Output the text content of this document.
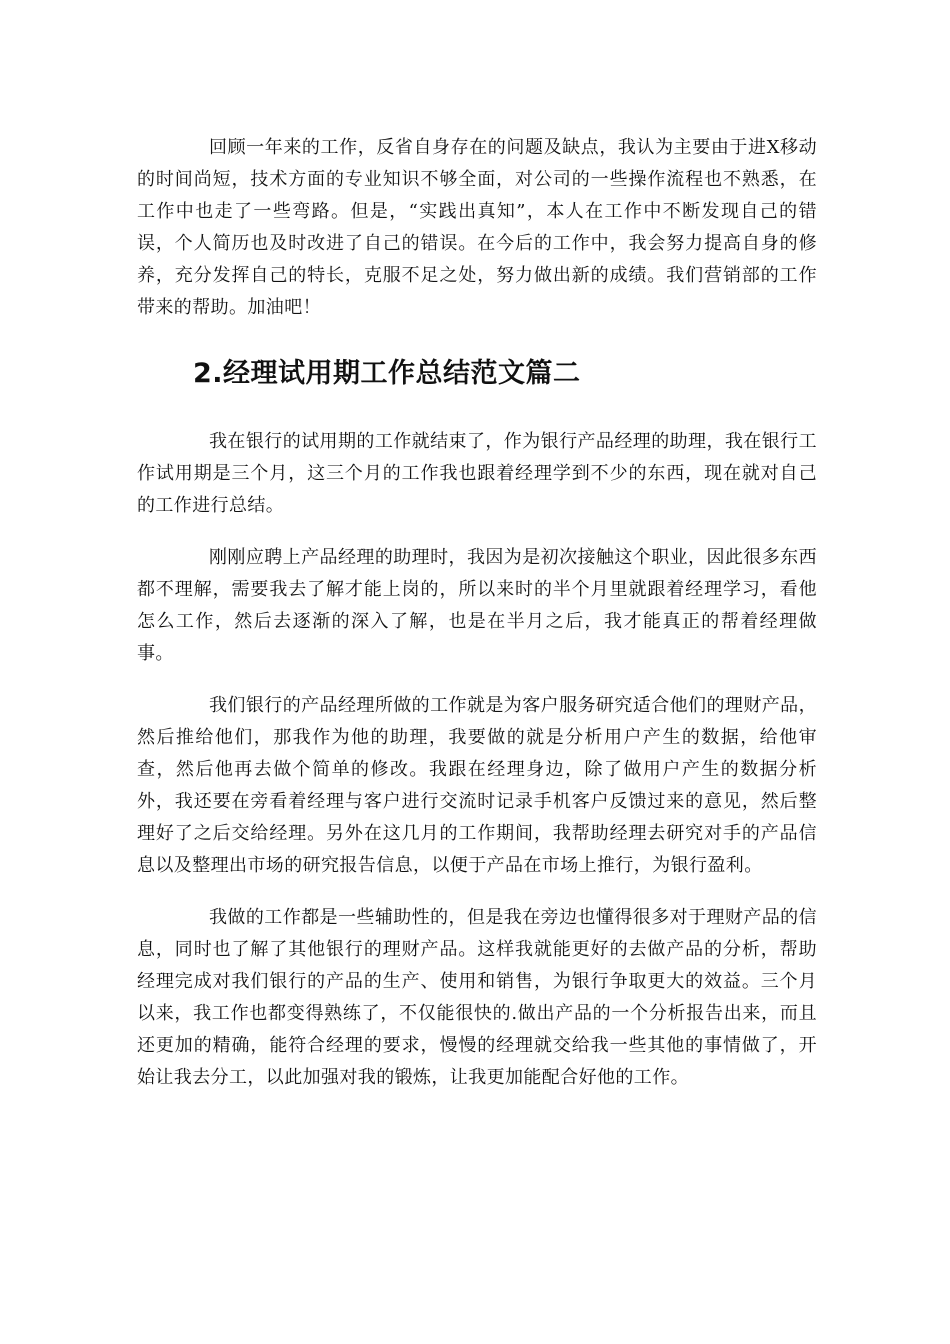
回顾一年来的工作，反省自身存在的问题及缺点，我认为主要由于进X移动的时间尚短，技术方面的专业知识不够全面，对公司的一些操作流程也不熟悉，在工作中也走了一些弯路。但是，“实践出真知”，本人在工作中不断发现自己的错误，个人简历也及时改进了自己的错误。在今后的工作中，我会努力提高自身的修养，充分发挥自己的特长，克服不足之处，努力做出新的成绩。我们营销部的工作带来的帮助。加油吧！

2.经理试用期工作总结范文篇二

我在银行的试用期的工作就结束了，作为银行产品经理的助理，我在银行工作试用期是三个月，这三个月的工作我也跟着经理学到不少的东西，现在就对自己的工作进行总结。

刚刚应聘上产品经理的助理时，我因为是初次接触这个职业，因此很多东西都不理解，需要我去了解才能上岗的，所以来时的半个月里就跟着经理学习，看他怎么工作，然后去逐渐的深入了解，也是在半月之后，我才能真正的帮着经理做事。

我们银行的产品经理所做的工作就是为客户服务研究适合他们的理财产品，然后推给他们，那我作为他的助理，我要做的就是分析用户产生的数据，给他审查，然后他再去做个简单的修改。我跟在经理身边，除了做用户产生的数据分析外，我还要在旁看着经理与客户进行交流时记录手机客户反馈过来的意见，然后整理好了之后交给经理。另外在这几月的工作期间，我帮助经理去研究对手的产品信息以及整理出市场的研究报告信息，以便于产品在市场上推行，为银行盈利。

我做的工作都是一些辅助性的，但是我在旁边也懂得很多对于理财产品的信息，同时也了解了其他银行的理财产品。这样我就能更好的去做产品的分析，帮助经理完成对我们银行的产品的生产、使用和销售，为银行争取更大的效益。三个月以来，我工作也都变得熟练了，不仅能很快的.做出产品的一个分析报告出来，而且还更加的精确，能符合经理的要求，慢慢的经理就交给我一些其他的事情做了，开始让我去分工，以此加强对我的锻炼，让我更加能配合好他的工作。
